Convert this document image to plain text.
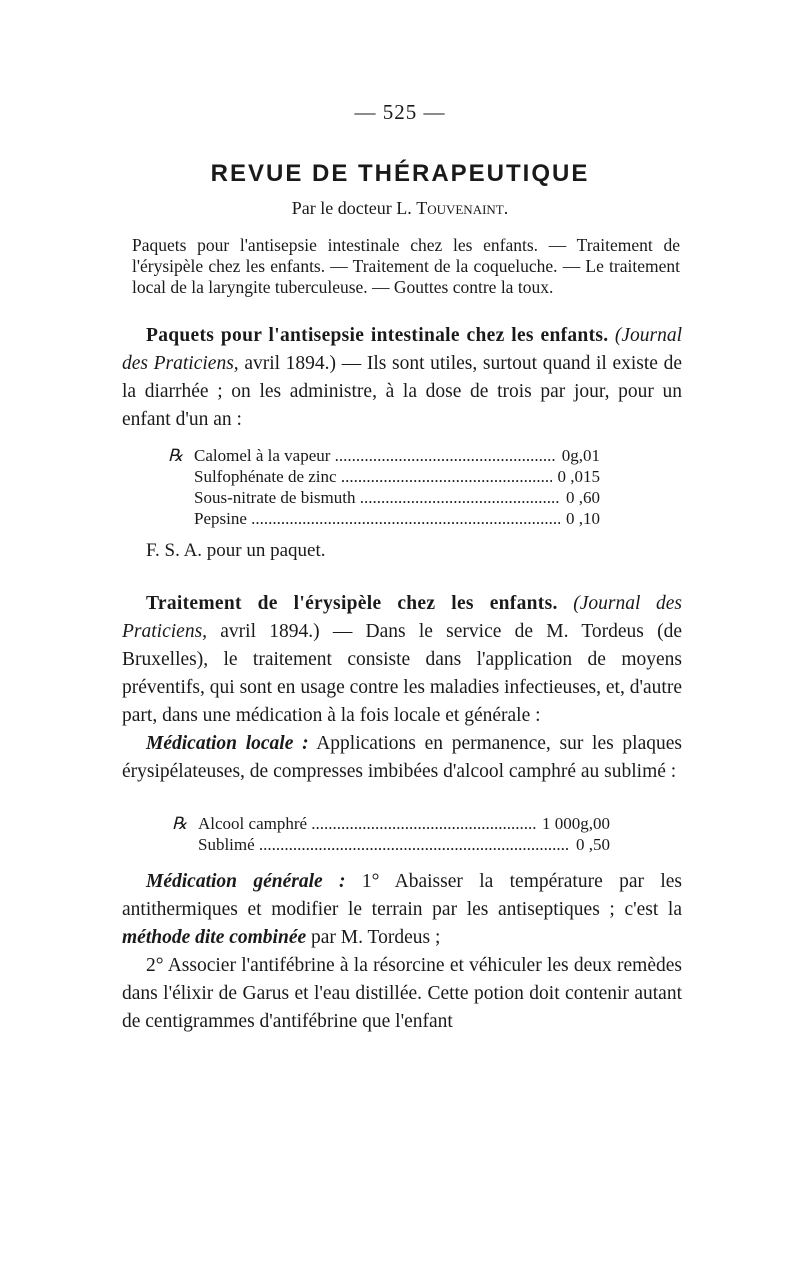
— 525 —
REVUE DE THÉRAPEUTIQUE
Par le docteur L. Touvenaint.
Paquets pour l'antisepsie intestinale chez les enfants. — Traitement de l'érysipèle chez les enfants. — Traitement de la coqueluche. — Le traitement local de la laryngite tuberculeuse. — Gouttes contre la toux.

Paquets pour l'antisepsie intestinale chez les enfants. (Journal des Praticiens, avril 1894.) — Ils sont utiles, surtout quand il existe de la diarrhée ; on les administre, à la dose de trois par jour, pour un enfant d'un an :

℞ Calomel à la vapeur .....	0g,01
Sulfophénate de zinc .....	0 ,015
Sous-nitrate de bismuth .....	0 ,60
Pepsine .....	0 ,10
F. S. A. pour un paquet.

Traitement de l'érysipèle chez les enfants. (Journal des Praticiens, avril 1894.) — Dans le service de M. Tordeus (de Bruxelles), le traitement consiste dans l'application de moyens préventifs, qui sont en usage contre les maladies infectieuses, et, d'autre part, dans une médication à la fois locale et générale :

Médication locale : Applications en permanence, sur les plaques érysipélateuses, de compresses imbibées d'alcool camphré au sublimé :

℞ Alcool camphré .....	1 000g,00
Sublimé .....	0 ,50

Médication générale : 1° Abaisser la température par les antithermiques et modifier le terrain par les antiseptiques ; c'est la méthode dite combinée par M. Tordeus ;

2° Associer l'antifébrine à la résorcine et véhiculer les deux remèdes dans l'élixir de Garus et l'eau distillée. Cette potion doit contenir autant de centigrammes d'antifébrine que l'enfant
